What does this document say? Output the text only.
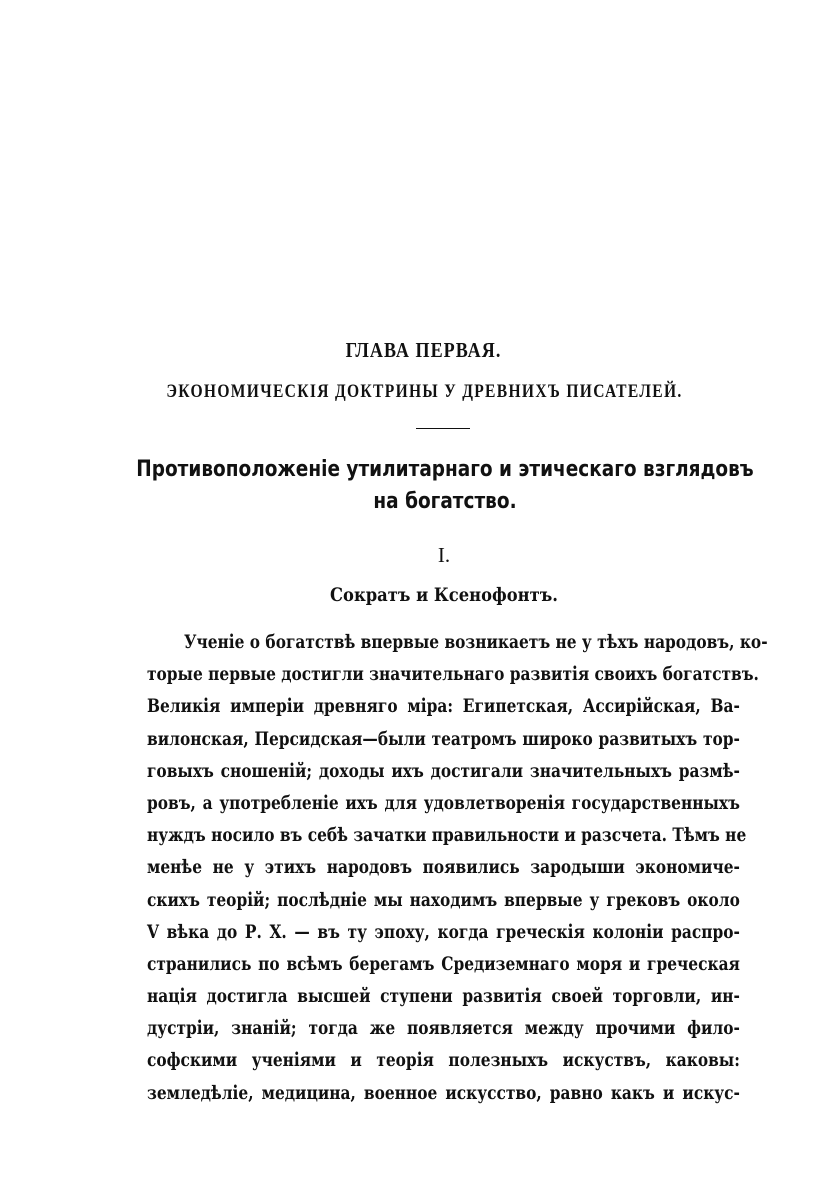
ГЛАВА ПЕРВАЯ.
ЭКОНОМИЧЕСКІЯ ДОКТРИНЫ У ДРЕВНИХЪ ПИСАТЕЛЕЙ.
Противоположеніе утилитарнаго и этическаго взглядовъ
на богатство.
I.
Сократъ и Ксенофонтъ.
Ученіе о богатствѣ впервые возникаетъ не у тѣхъ народовъ, ко-
торые первые достигли значительнаго развитія своихъ богатствъ.
Великія имперіи древняго міра: Египетская, Ассирійская, Ва-
вилонская, Персидская—были театромъ широко развитыхъ тор-
говыхъ сношеній; доходы ихъ достигали значительныхъ размѣ-
ровъ, а употребленіе ихъ для удовлетворенія государственныхъ
нуждъ носило въ себѣ зачатки правильности и разсчета. Тѣмъ не
менѣе не у этихъ народовъ появились зародыши экономиче-
скихъ теорій; послѣдніе мы находимъ впервые у грековъ около
V вѣка до Р. Х. — въ ту эпоху, когда греческія колоніи распро-
странились по всѣмъ берегамъ Средиземнаго моря и греческая
нація достигла высшей ступени развитія своей торговли, ин-
дустріи, знаній; тогда же появляется между прочими фило-
софскими ученіями и теорія полезныхъ искуствъ, каковы:
земледѣліе, медицина, военное искусство, равно какъ и искус-
